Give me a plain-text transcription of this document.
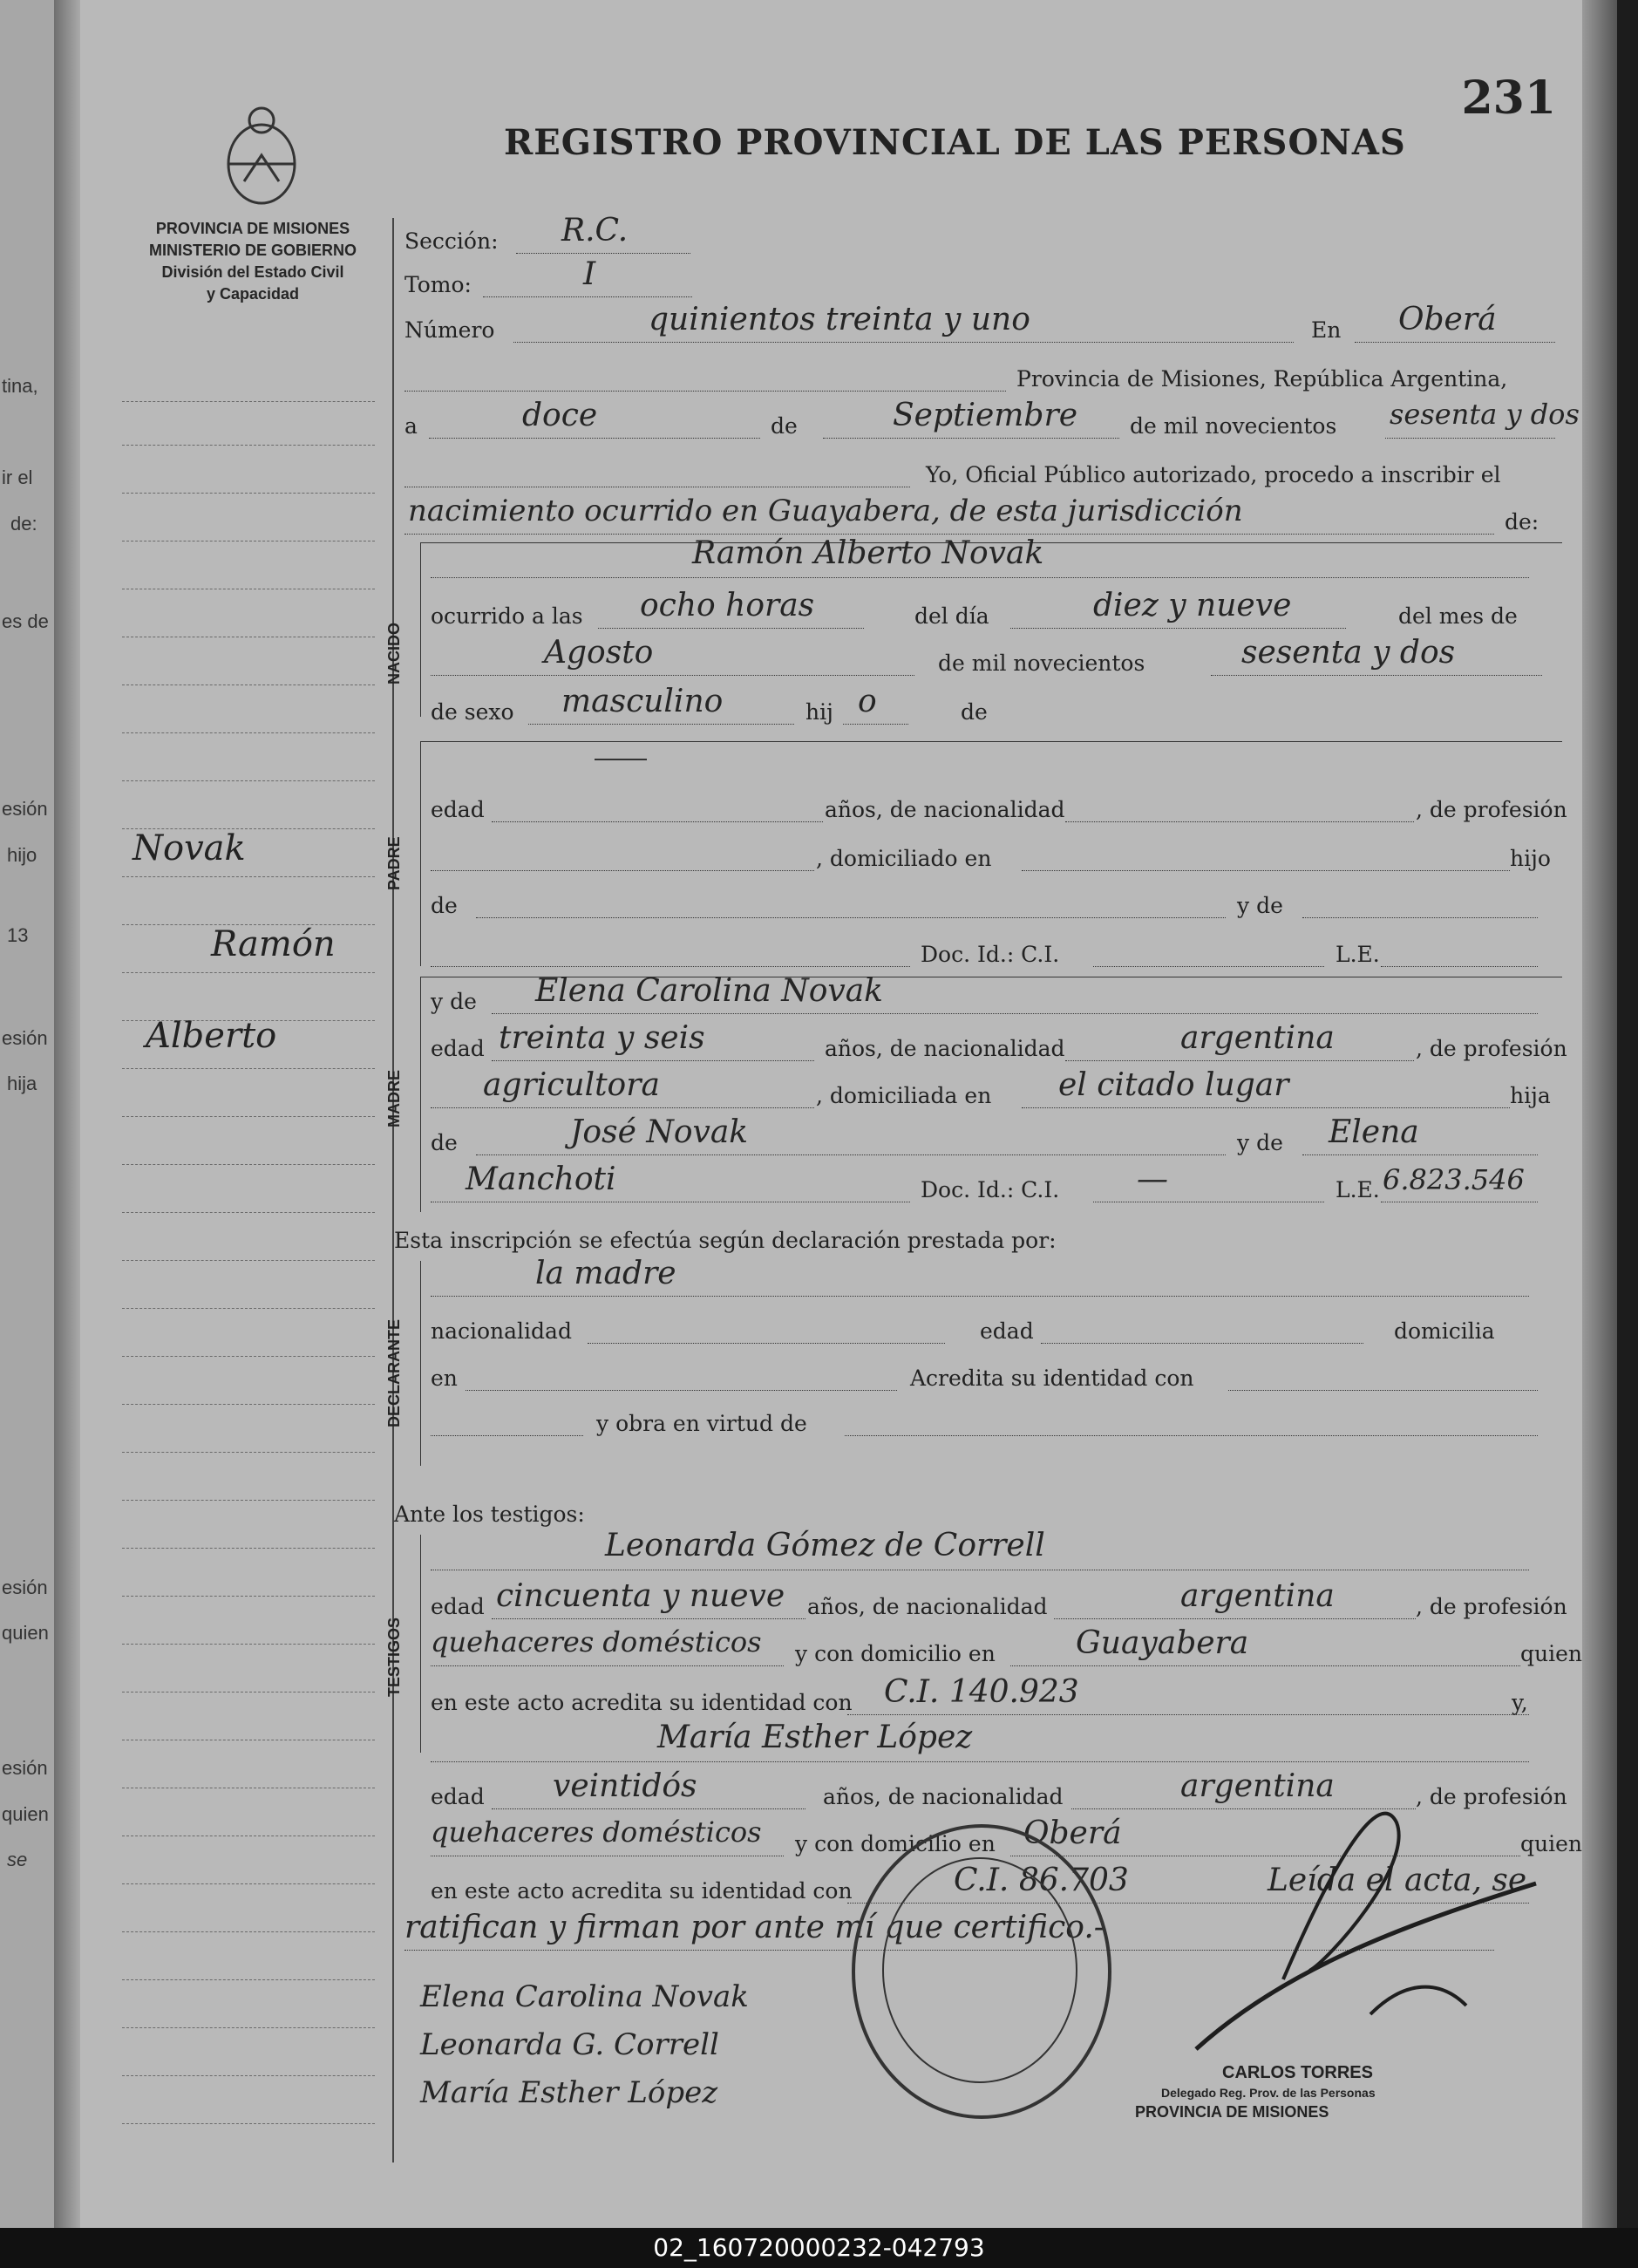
tina,
ir el
de:
es de
esión
hijo
13
esión
hija
esión
quien
esión
quien
se
231
REGISTRO PROVINCIAL DE LAS PERSONAS
PROVINCIA DE MISIONES
MINISTERIO DE GOBIERNO
División del Estado Civil
y Capacidad
Novak
Ramón
Alberto
Sección: R.C.
Tomo:	I
Número	quinientos treinta y uno	En Oberá
Provincia de Misiones, República Argentina,
a	doce	de	Septiembre de mil novecientos sesenta y dos
Yo, Oficial Público autorizado, procedo a inscribir el
nacimiento ocurrido en Guayabera, de esta jurisdicción	de:
NACIDO
Ramón Alberto Novak
ocurrido a las ocho horas	del día	diez y nueve	del mes de
Agosto	de mil novecientos	sesenta y dos
de sexo masculino	hij o	de
PADRE
edad	años, de nacionalidad	, de profesión
, domiciliado en	hijo
de	y de
Doc. Id.: C.I.	L.E.
MADRE
y de Elena Carolina Novak
edad treinta y seis	años, de nacionalidad	argentina	, de profesión
agricultora	, domiciliada en el citado lugar	hija
de	José Novak	y de Elena
Manchoti	Doc. Id.: C.I. —	L.E. 6.823.546
Esta inscripción se efectúa según declaración prestada por:
DECLARANTE
la madre
nacionalidad	edad	domicilia
en	Acredita su identidad con
y obra en virtud de
Ante los testigos:
TESTIGOS
Leonarda Gómez de Correll
edad cincuenta y nueve años, de nacionalidad	argentina	, de profesión
quehaceres domésticos y con domicilio en	Guayabera	quien
en este acto acredita su identidad con C.I. 140.923	y,
María Esther López
edad veintidós	años, de nacionalidad	argentina	, de profesión
quehaceres domésticos y con domicilio en Oberá	quien
en este acto acredita su identidad con	C.I. 86.703	Leída el acta, se
ratifican y firman por ante mí que certifico.-
Elena Carolina Novak
Leonarda G. Correll
María Esther López
CARLOS TORRES
Delegado Reg. Prov. de las Personas
PROVINCIA DE MISIONES
02_160720000232-042793
